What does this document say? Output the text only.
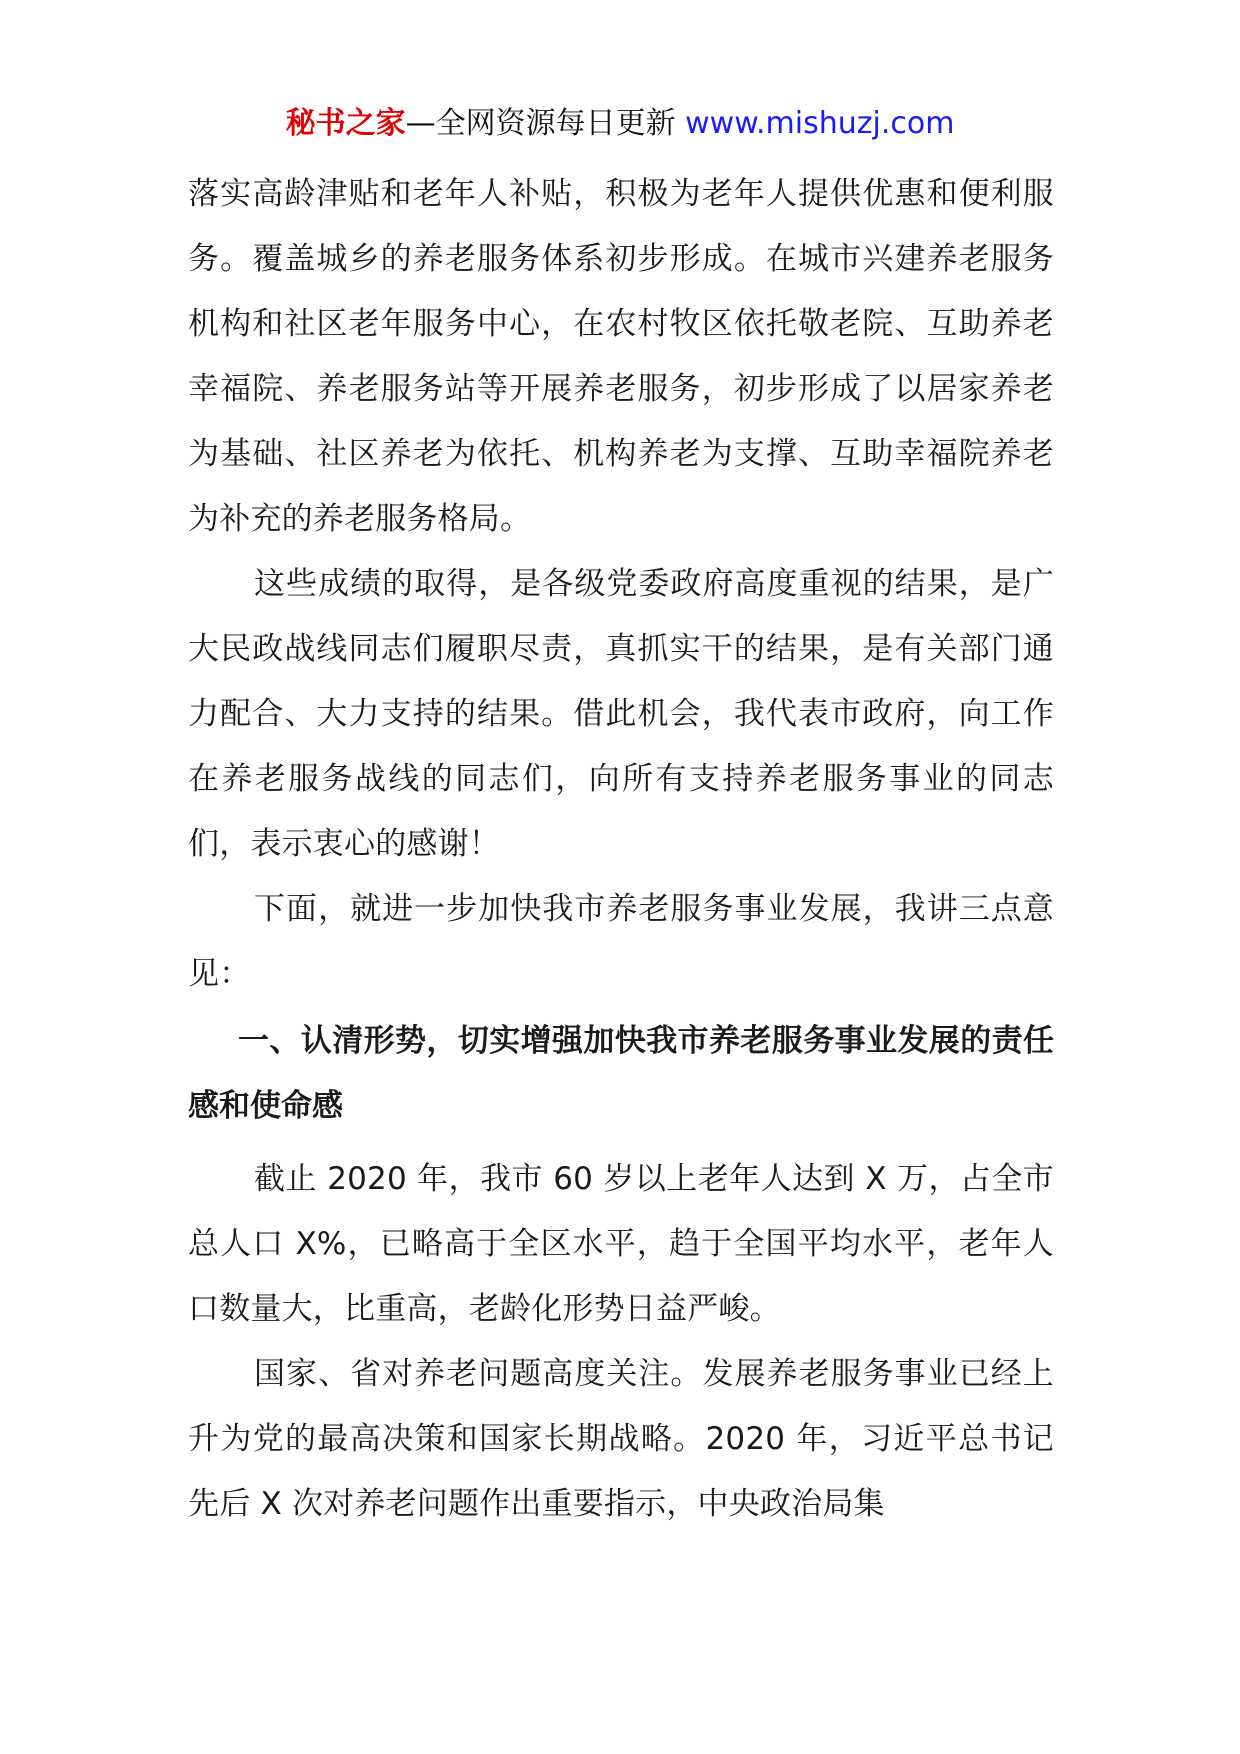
秘书之家—全网资源每日更新 www.mishuzj.com

落实高龄津贴和老年人补贴，积极为老年人提供优惠和便利服务。覆盖城乡的养老服务体系初步形成。在城市兴建养老服务机构和社区老年服务中心，在农村牧区依托敬老院、互助养老幸福院、养老服务站等开展养老服务，初步形成了以居家养老为基础、社区养老为依托、机构养老为支撑、互助幸福院养老为补充的养老服务格局。

这些成绩的取得，是各级党委政府高度重视的结果，是广大民政战线同志们履职尽责，真抓实干的结果，是有关部门通力配合、大力支持的结果。借此机会，我代表市政府，向工作在养老服务战线的同志们，向所有支持养老服务事业的同志们，表示衷心的感谢！

下面，就进一步加快我市养老服务事业发展，我讲三点意见：

一、认清形势，切实增强加快我市养老服务事业发展的责任感和使命感

截止 2020 年，我市 60 岁以上老年人达到 X 万，占全市总人口 X%，已略高于全区水平，趋于全国平均水平，老年人口数量大，比重高，老龄化形势日益严峻。

国家、省对养老问题高度关注。发展养老服务事业已经上升为党的最高决策和国家长期战略。2020 年，习近平总书记先后 X 次对养老问题作出重要指示，中央政治局集
